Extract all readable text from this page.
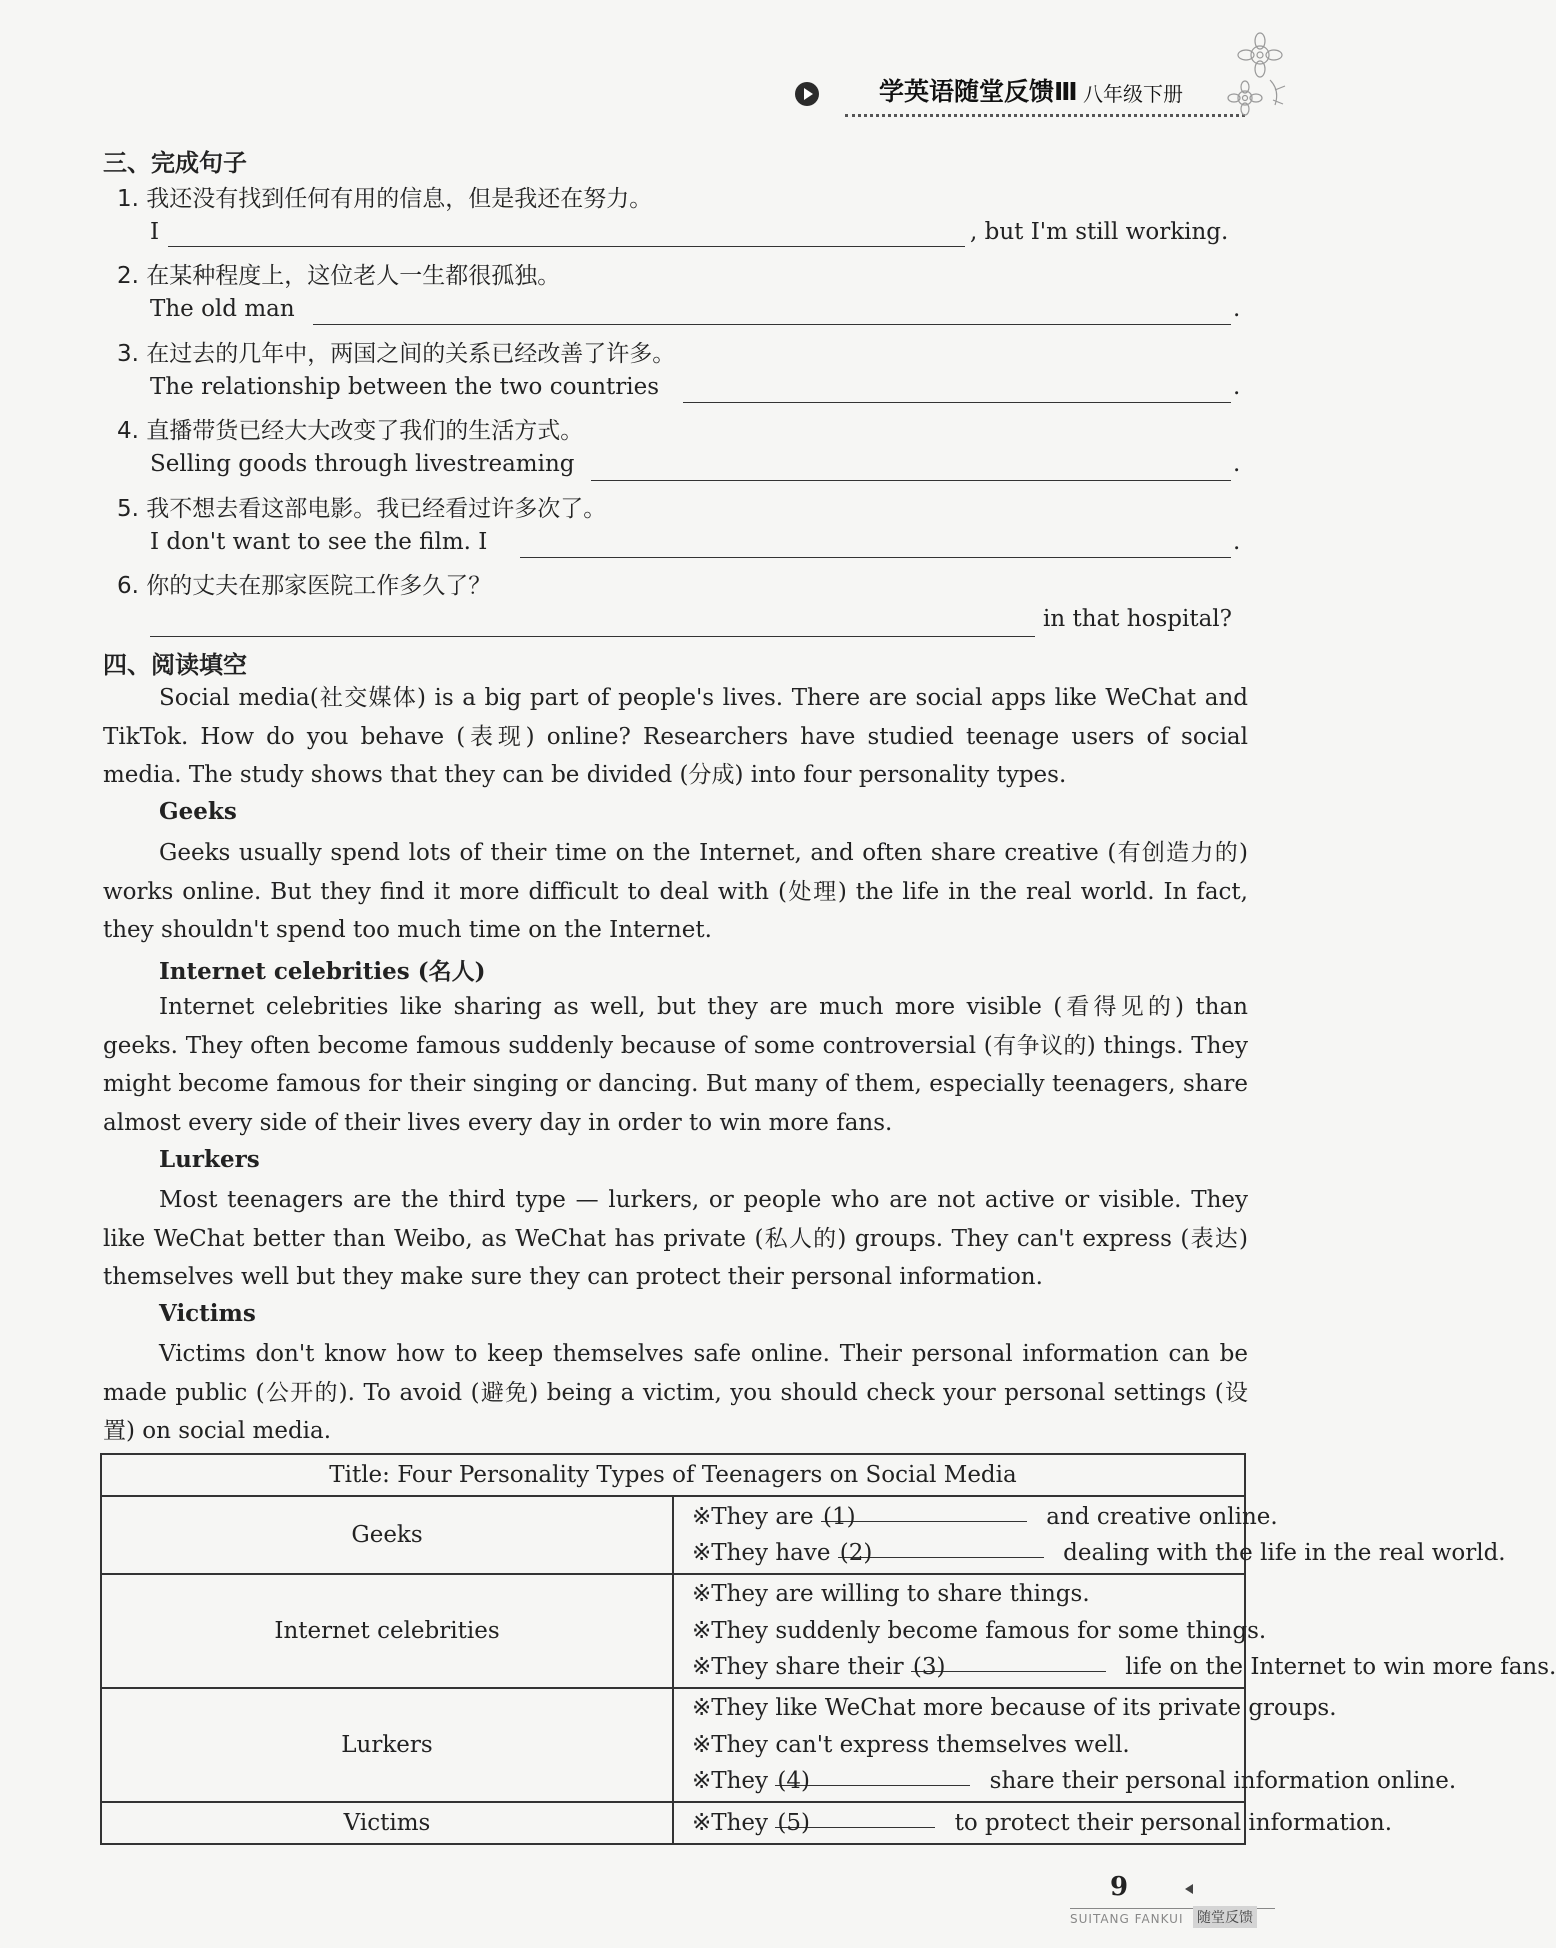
学英语随堂反馈Ⅲ 八年级下册
三、完成句子
1. 我还没有找到任何有用的信息，但是我还在努力。
I	, but I'm still working.
2. 在某种程度上，这位老人一生都很孤独。
The old man	.
3. 在过去的几年中，两国之间的关系已经改善了许多。
The relationship between the two countries	.
4. 直播带货已经大大改变了我们的生活方式。
Selling goods through livestreaming	.
5. 我不想去看这部电影。我已经看过许多次了。
I don't want to see the film. I	.
6. 你的丈夫在那家医院工作多久了？
in that hospital?
四、阅读填空

Social media(社交媒体) is a big part of people's lives. There are social apps like WeChat and TikTok. How do you behave (表现) online? Researchers have studied teenage users of social media. The study shows that they can be divided (分成) into four personality types.

Geeks

Geeks usually spend lots of their time on the Internet, and often share creative (有创造力的) works online. But they find it more difficult to deal with (处理) the life in the real world. In fact, they shouldn't spend too much time on the Internet.

Internet celebrities (名人)

Internet celebrities like sharing as well, but they are much more visible (看得见的) than geeks. They often become famous suddenly because of some controversial (有争议的) things. They might become famous for their singing or dancing. But many of them, especially teenagers, share almost every side of their lives every day in order to win more fans.

Lurkers

Most teenagers are the third type — lurkers, or people who are not active or visible. They like WeChat better than Weibo, as WeChat has private (私人的) groups. They can't express (表达) themselves well but they make sure they can protect their personal information.

Victims

Victims don't know how to keep themselves safe online. Their personal information can be made public (公开的). To avoid (避免) being a victim, you should check your personal settings (设置) on social media.

Title: Four Personality Types of Teenagers on Social Media	
Geeks	※They are (1) and creative online.
※They have (2) dealing with the life in the real world.

Internet celebrities	※They are willing to share things.
※They suddenly become famous for some things.
※They share their (3) life on the Internet to win more fans.

Lurkers	※They like WeChat more because of its private groups.
※They can't express themselves well.
※They (4) share their personal information online.

Victims	※They (5) to protect their personal information.
9
SUITANG FANKUI 随堂反馈
